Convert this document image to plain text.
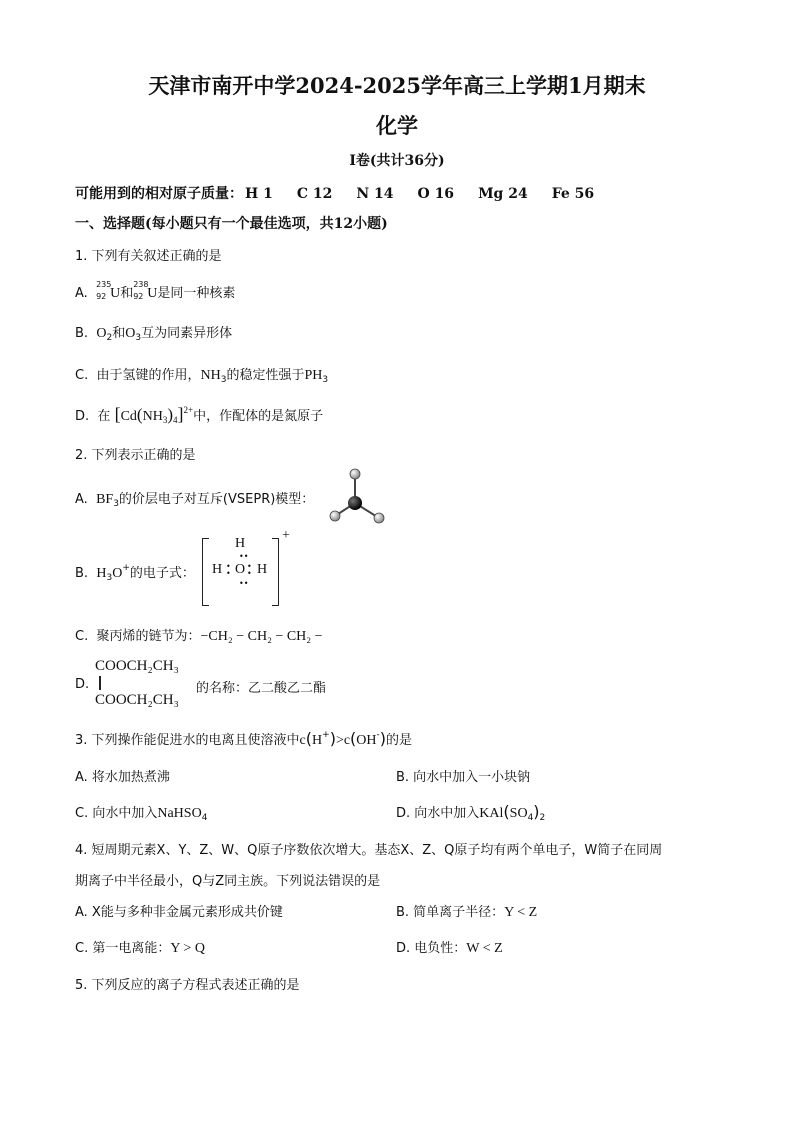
天津市南开中学2024-2025学年高三上学期1月期末
化学
Ⅰ卷(共计36分)
可能用到的相对原子质量： H 1 C 12 N 14 O 16 Mg 24 Fe 56
一、选择题(每小题只有一个最佳选项，共12小题)
1. 下列有关叙述正确的是
A.
235
92 U和
238
92 U是同一种核素
B. $O_2$和$O_3$互为同素异形体
C. 由于氢键的作用，$NH_3$的稳定性强于$PH_3$
D. 在 $[Cd(NH_3)_4]^{2+}$中，作配体的是氮原子
2. 下列表示正确的是
A. $BF_3$的价层电子对互斥(VSEPR)模型：
B. $H_3O^+$的电子式：
H
••
H •
• O •
• H
••
+
C. 聚丙烯的链节为：−CH₂ − CH₂ − CH₂ −
D.
COOCH₂CH₃
COOCH₂CH₃
的名称：乙二酸乙二酯
3. 下列操作能促进水的电离且使溶液中c(H+)>c(OH-)的是
A. 将水加热煮沸	B. 向水中加入一小块钠
C. 向水中加入NaHSO$_4$	D. 向水中加入$KAl(SO_4)_2$
4. 短周期元素X、Y、Z、W、Q原子序数依次增大。基态X、Z、Q原子均有两个单电子，W简子在同周
期离子中半径最小，Q与Z同主族。下列说法错误的是
A. X能与多种非金属元素形成共价键	B. 简单离子半径：Y < Z
C. 第一电离能：Y > Q	D. 电负性：W < Z
5. 下列反应的离子方程式表述正确的是
